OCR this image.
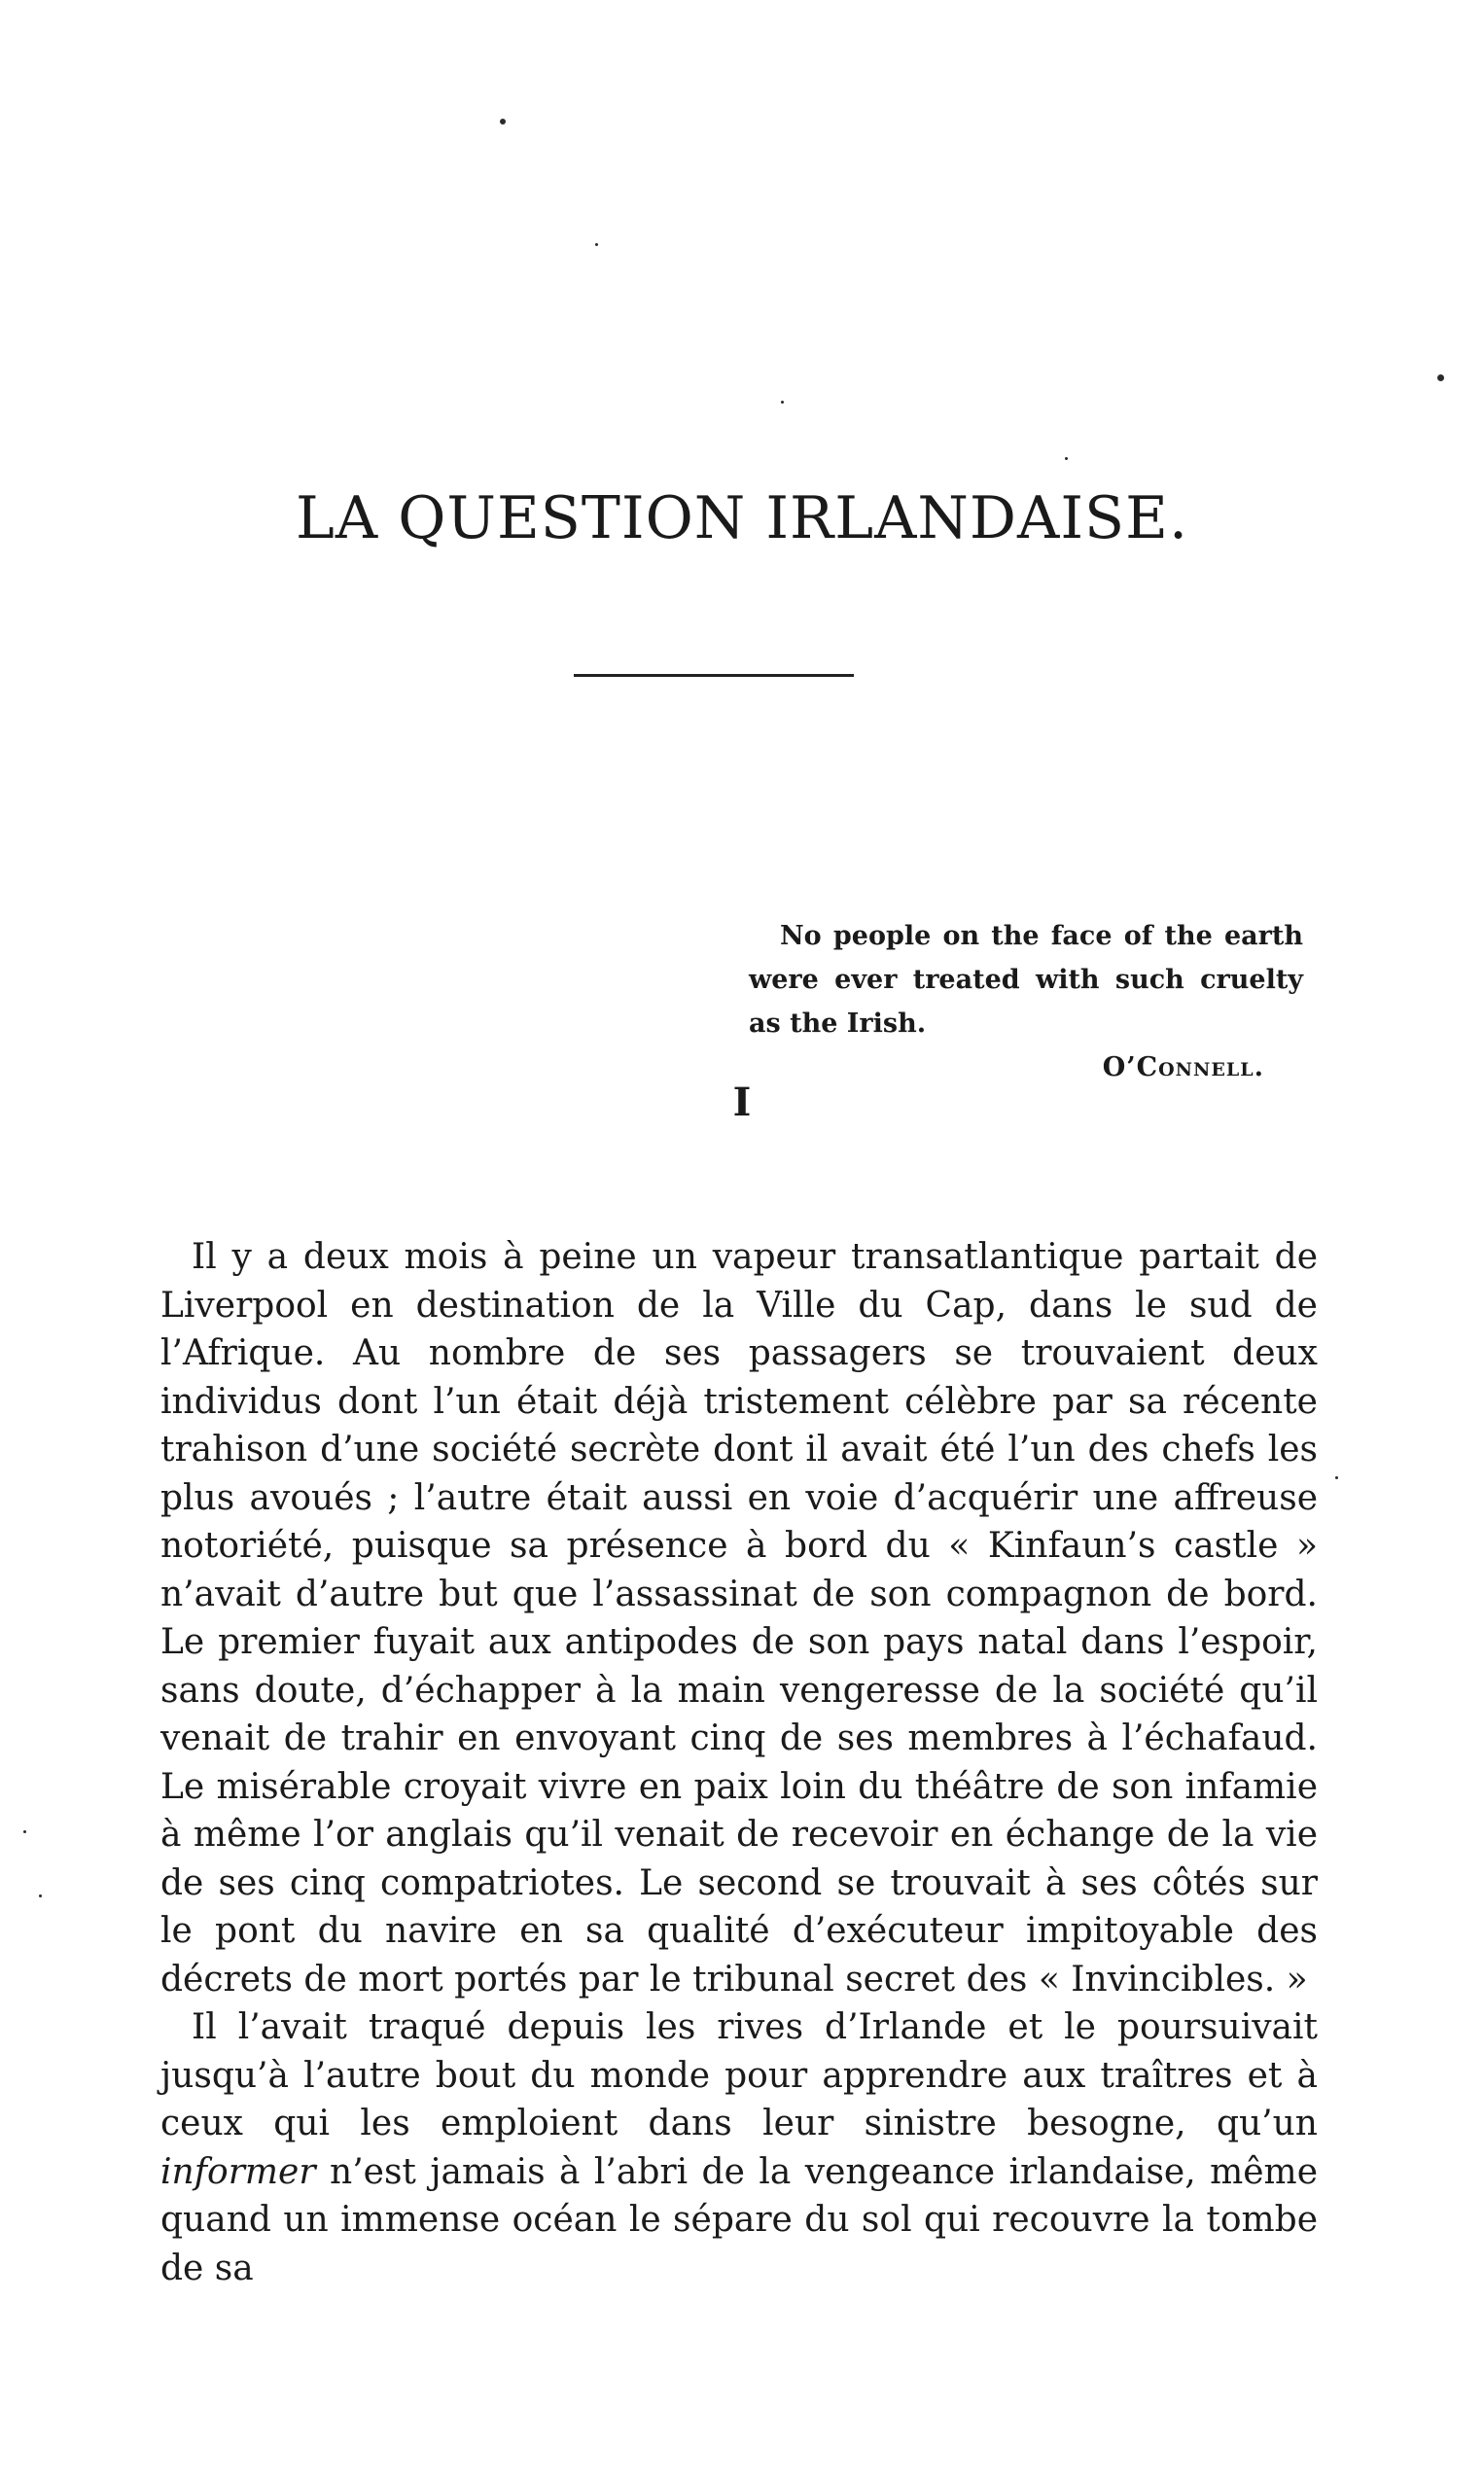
LA QUESTION IRLANDAISE.

No people on the face of the earth were ever treated with such cruelty as the Irish.

O’Connell.

I

Il y a deux mois à peine un vapeur transatlantique partait de Liverpool en destination de la Ville du Cap, dans le sud de l’Afrique. Au nombre de ses passagers se trouvaient deux individus dont l’un était déjà tristement célèbre par sa récente trahison d’une société secrète dont il avait été l’un des chefs les plus avoués ; l’autre était aussi en voie d’acquérir une affreuse notoriété, puisque sa présence à bord du « Kinfaun’s castle » n’avait d’autre but que l’assassinat de son compagnon de bord. Le premier fuyait aux antipodes de son pays natal dans l’espoir, sans doute, d’échapper à la main vengeresse de la société qu’il venait de trahir en envoyant cinq de ses membres à l’échafaud. Le misérable croyait vivre en paix loin du théâtre de son infamie à même l’or anglais qu’il venait de recevoir en échange de la vie de ses cinq compatriotes. Le second se trouvait à ses côtés sur le pont du navire en sa qualité d’exécuteur impitoyable des décrets de mort portés par le tribunal secret des « Invincibles. »

Il l’avait traqué depuis les rives d’Irlande et le poursuivait jusqu’à l’autre bout du monde pour apprendre aux traîtres et à ceux qui les emploient dans leur sinistre besogne, qu’un informer n’est jamais à l’abri de la vengeance irlandaise, même quand un immense océan le sépare du sol qui recouvre la tombe de sa
